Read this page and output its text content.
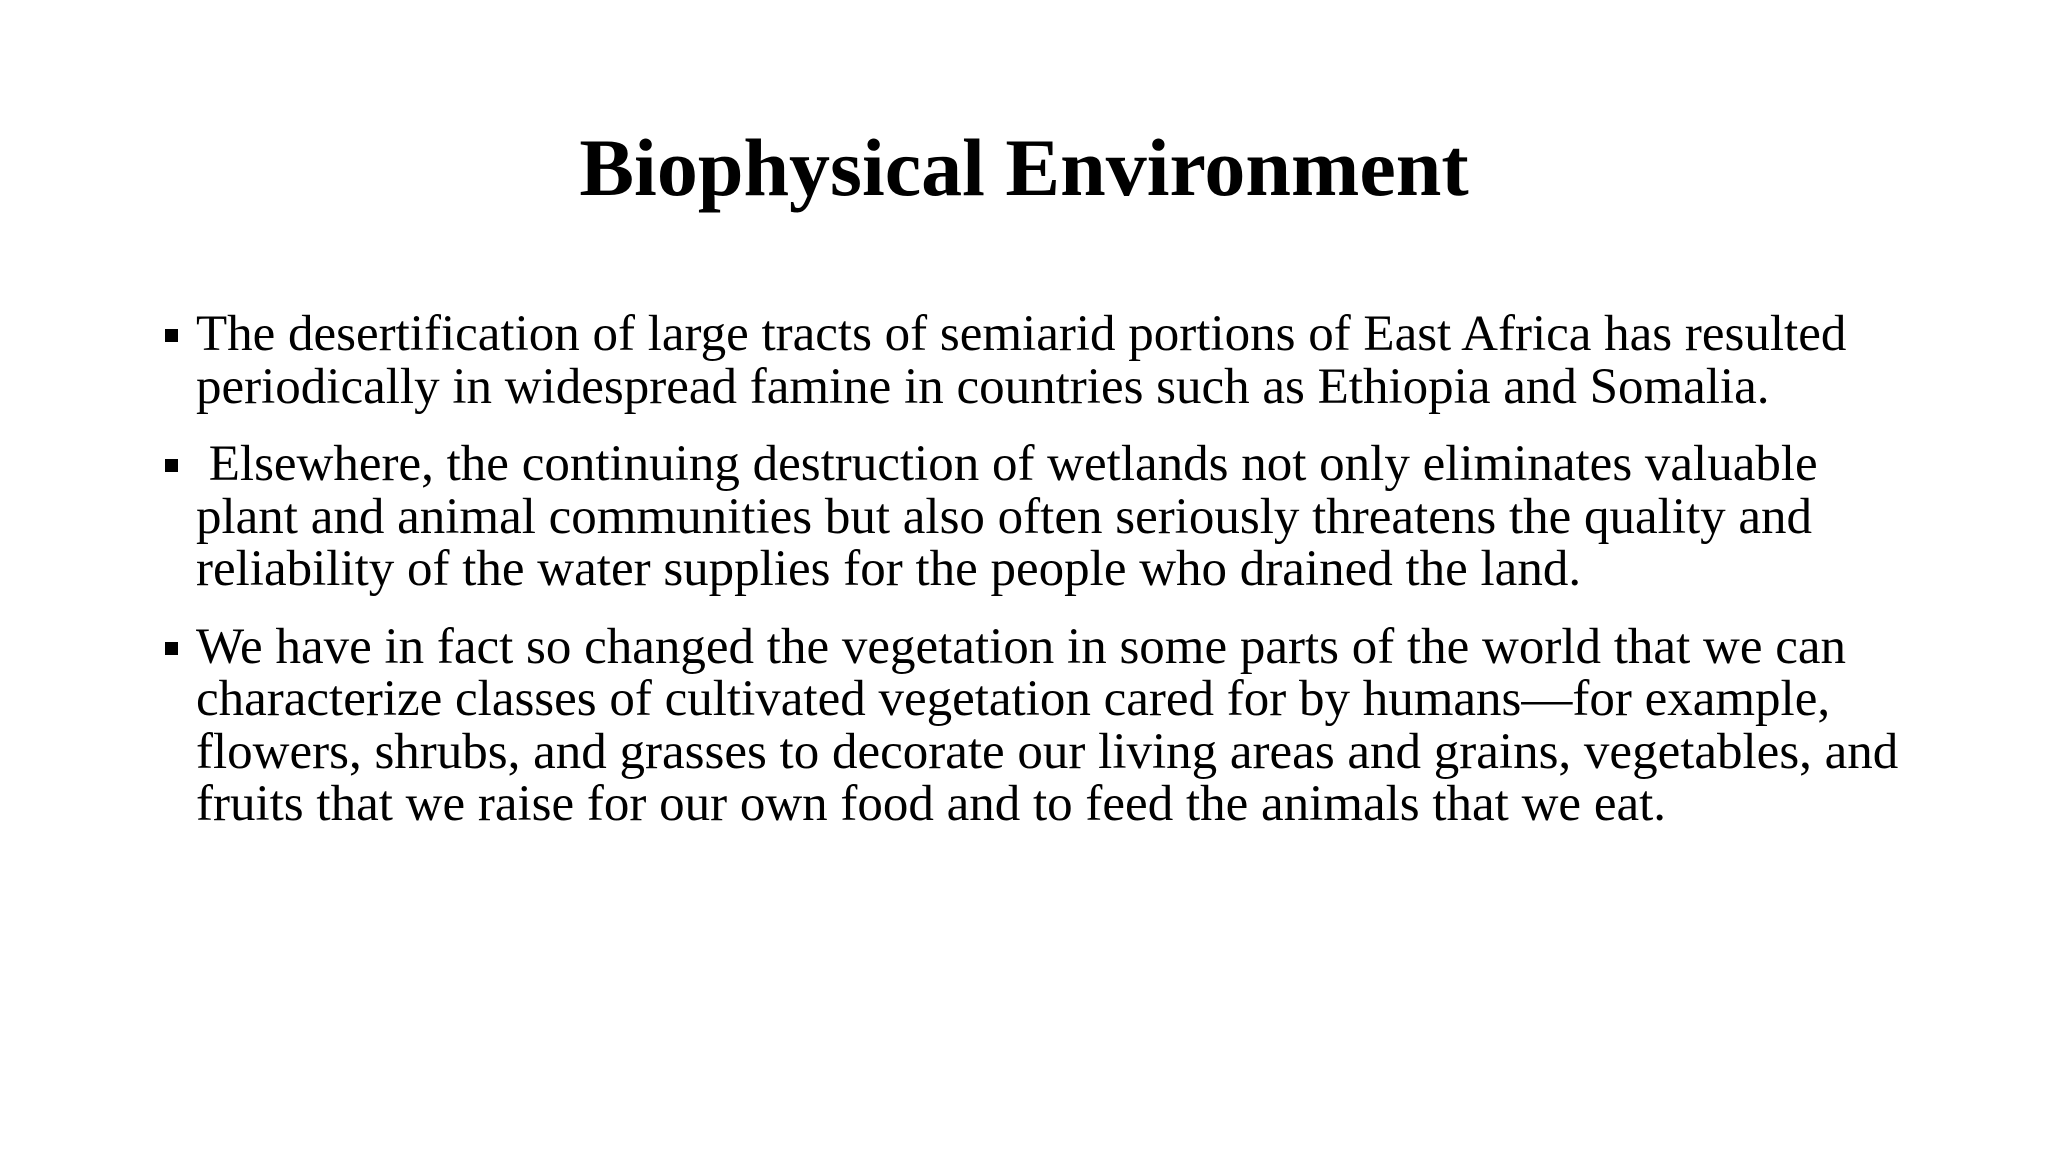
Biophysical Environment
The desertification of large tracts of semiarid portions of East Africa has resulted periodically in widespread famine in countries such as Ethiopia and Somalia.
Elsewhere, the continuing destruction of wetlands not only eliminates valuable plant and animal communities but also often seriously threatens the quality and reliability of the water supplies for the people who drained the land.
We have in fact so changed the vegetation in some parts of the world that we can characterize classes of cultivated vegetation cared for by humans—for example, flowers, shrubs, and grasses to decorate our living areas and grains, vegetables, and fruits that we raise for our own food and to feed the animals that we eat.
